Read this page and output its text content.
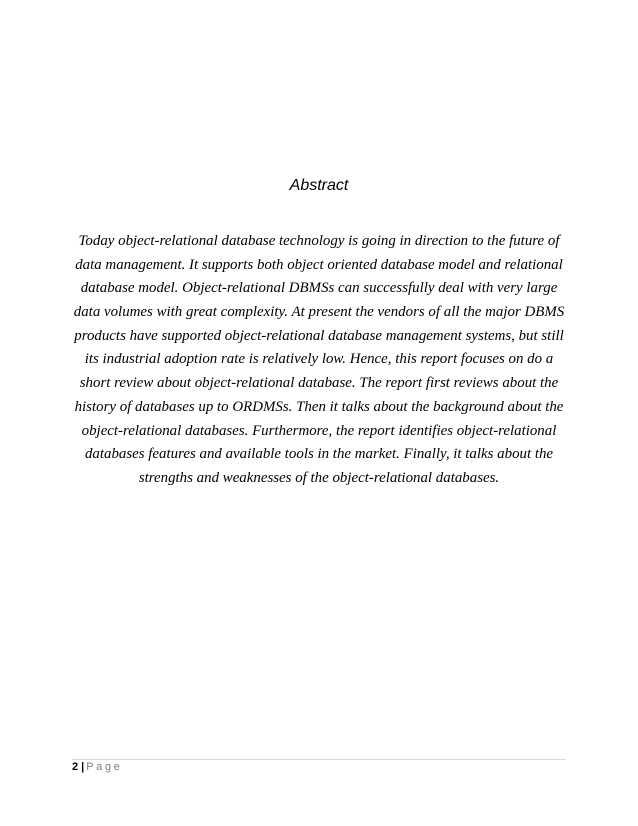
Abstract
Today object-relational database technology is going in direction to the future of
data management. It supports both object oriented database model and relational
database model. Object-relational DBMSs can successfully deal with very large
data volumes with great complexity. At present the vendors of all the major DBMS
products have supported object-relational database management systems, but still
its industrial adoption rate is relatively low. Hence, this report focuses on do a
short review about object-relational database. The report first reviews about the
history of databases up to ORDMSs. Then it talks about the background about the
object-relational databases. Furthermore, the report identifies object-relational
databases features and available tools in the market. Finally, it talks about the
strengths and weaknesses of the object-relational databases.
2 | Page
